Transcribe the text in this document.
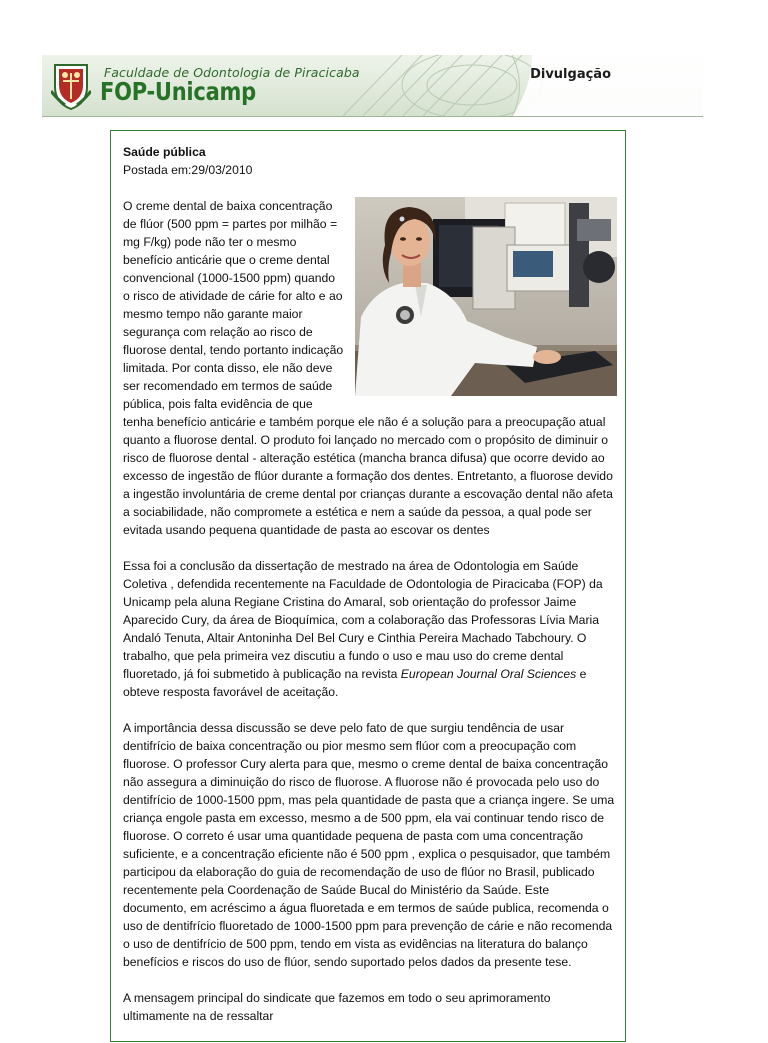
Faculdade de Odontologia de Piracicaba
FOP-Unicamp
Divulgação

Saúde pública

Postada em:29/03/2010

O creme dental de baixa concentração de flúor (500 ppm = partes por milhão = mg F/kg) pode não ter o mesmo benefício anticárie que o creme dental convencional (1000-1500 ppm) quando o risco de atividade de cárie for alto e ao mesmo tempo não garante maior segurança com relação ao risco de fluorose dental, tendo portanto indicação limitada. Por conta disso, ele não deve ser recomendado em termos de saúde pública, pois falta evidência de que tenha benefício anticárie e também porque ele não é a solução para a preocupação atual quanto a fluorose dental. O produto foi lançado no mercado com o propósito de diminuir o risco de fluorose dental - alteração estética (mancha branca difusa) que ocorre devido ao excesso de ingestão de flúor durante a formação dos dentes. Entretanto, a fluorose devido a ingestão involuntária de creme dental por crianças durante a escovação dental não afeta a sociabilidade, não compromete a estética e nem a saúde da pessoa, a qual pode ser evitada usando pequena quantidade de pasta ao escovar os dentes

Essa foi a conclusão da dissertação de mestrado na área de Odontologia em Saúde Coletiva , defendida recentemente na Faculdade de Odontologia de Piracicaba (FOP) da Unicamp pela aluna Regiane Cristina do Amaral, sob orientação do professor Jaime Aparecido Cury, da área de Bioquímica, com a colaboração das Professoras Lívia Maria Andaló Tenuta, Altair Antoninha Del Bel Cury e Cinthia Pereira Machado Tabchoury. O trabalho, que pela primeira vez discutiu a fundo o uso e mau uso do creme dental fluoretado, já foi submetido à publicação na revista European Journal Oral Sciences e obteve resposta favorável de aceitação.

A importância dessa discussão se deve pelo fato de que surgiu tendência de usar dentifrício de baixa concentração ou pior mesmo sem flúor com a preocupação com fluorose. O professor Cury alerta para que, mesmo o creme dental de baixa concentração não assegura a diminuição do risco de fluorose. A fluorose não é provocada pelo uso do dentifrício de 1000-1500 ppm, mas pela quantidade de pasta que a criança ingere. Se uma criança engole pasta em excesso, mesmo a de 500 ppm, ela vai continuar tendo risco de fluorose. O correto é usar uma quantidade pequena de pasta com uma concentração suficiente, e a concentração eficiente não é 500 ppm , explica o pesquisador, que também participou da elaboração do guia de recomendação de uso de flúor no Brasil, publicado recentemente pela Coordenação de Saúde Bucal do Ministério da Saúde. Este documento, em acréscimo a água fluoretada e em termos de saúde publica, recomenda o uso de dentifrício fluoretado de 1000-1500 ppm para prevenção de cárie e não recomenda o uso de dentifrício de 500 ppm, tendo em vista as evidências na literatura do balanço benefícios e riscos do uso de flúor, sendo suportado pelos dados da presente tese.

A mensagem principal do sindicate que fazemos em todo o seu aprimoramento ultimamente na de ressaltar
